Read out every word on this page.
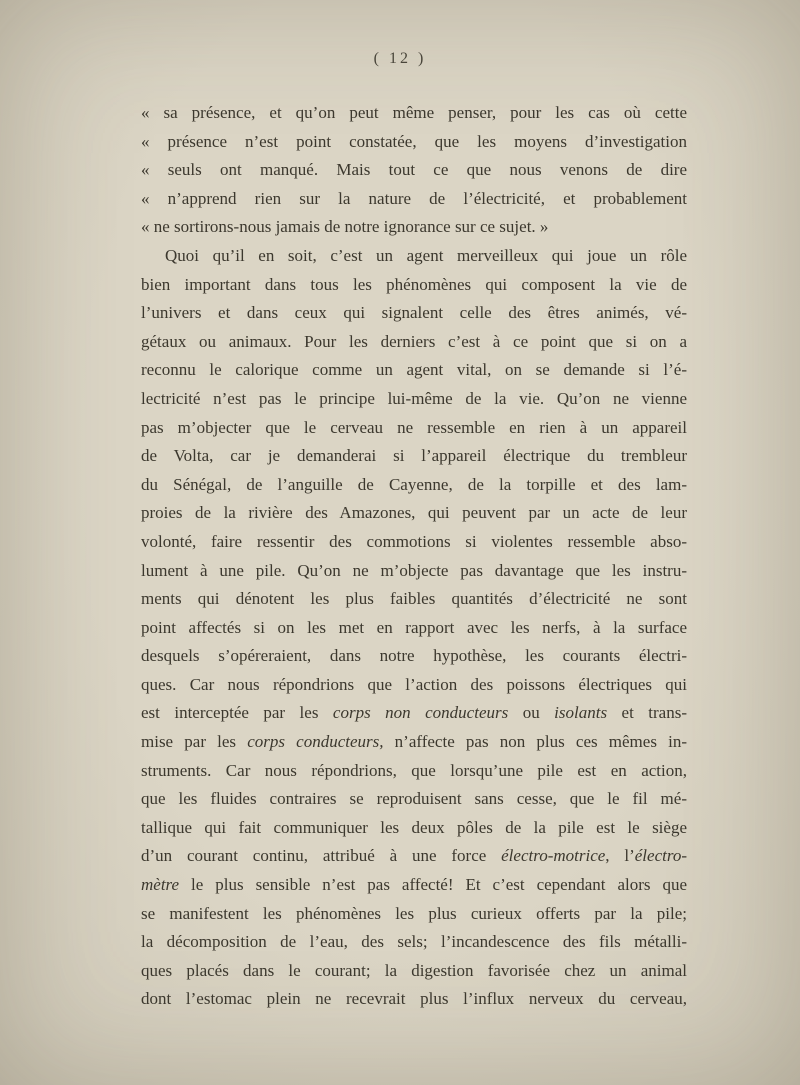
( 12 )
« sa présence, et qu’on peut même penser, pour les cas où cette
« présence n’est point constatée, que les moyens d’investigation
« seuls ont manqué. Mais tout ce que nous venons de dire
« n’apprend rien sur la nature de l’électricité, et probablement
« ne sortirons-nous jamais de notre ignorance sur ce sujet. »
Quoi qu’il en soit, c’est un agent merveilleux qui joue un rôle
bien important dans tous les phénomènes qui composent la vie de
l’univers et dans ceux qui signalent celle des êtres animés, vé-
gétaux ou animaux. Pour les derniers c’est à ce point que si on a
reconnu le calorique comme un agent vital, on se demande si l’é-
lectricité n’est pas le principe lui-même de la vie. Qu’on ne vienne
pas m’objecter que le cerveau ne ressemble en rien à un appareil
de Volta, car je demanderai si l’appareil électrique du trembleur
du Sénégal, de l’anguille de Cayenne, de la torpille et des lam-
proies de la rivière des Amazones, qui peuvent par un acte de leur
volonté, faire ressentir des commotions si violentes ressemble abso-
lument à une pile. Qu’on ne m’objecte pas davantage que les instru-
ments qui dénotent les plus faibles quantités d’électricité ne sont
point affectés si on les met en rapport avec les nerfs, à la surface
desquels s’opéreraient, dans notre hypothèse, les courants électri-
ques. Car nous répondrions que l’action des poissons électriques qui
est interceptée par les corps non conducteurs ou isolants et trans-
mise par les corps conducteurs, n’affecte pas non plus ces mêmes in-
struments. Car nous répondrions, que lorsqu’une pile est en action,
que les fluides contraires se reproduisent sans cesse, que le fil mé-
tallique qui fait communiquer les deux pôles de la pile est le siège
d’un courant continu, attribué à une force électro-motrice, l’électro-
mètre le plus sensible n’est pas affecté! Et c’est cependant alors que
se manifestent les phénomènes les plus curieux offerts par la pile;
la décomposition de l’eau, des sels; l’incandescence des fils métalli-
ques placés dans le courant; la digestion favorisée chez un animal
dont l’estomac plein ne recevrait plus l’influx nerveux du cerveau,
